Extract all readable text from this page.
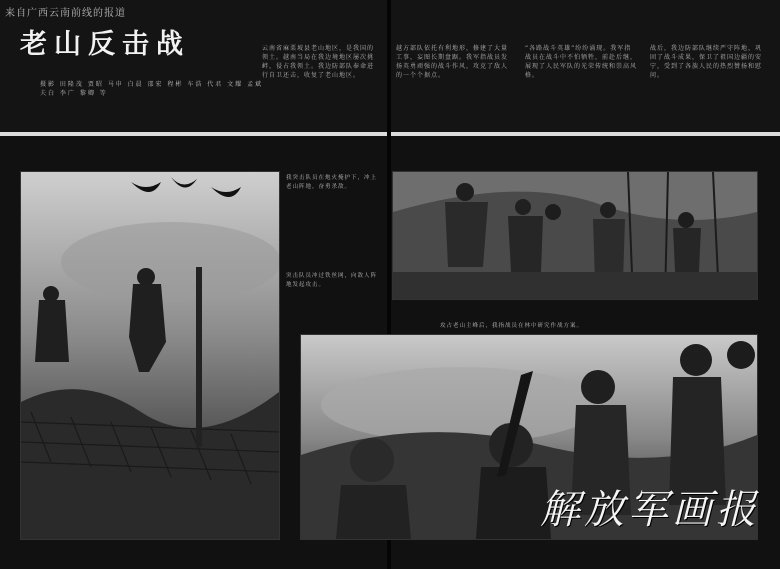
来自广西云南前线的报道
老山反击战
摄影 田隆茂 贾昭 马申 白晨 邵宏 程彬 车浩 代君 文耀 孟斌 夫白 李广 黎卿 等
云南省麻栗坡县老山地区，是我国的领土。越南当局在我边境地区屡次挑衅，侵占我领土。我边防部队奉命进行自卫还击，收复了老山地区。
越方部队依托有利地形，修建了大量工事，妄图长期盘踞。我军指战员发扬英勇顽强的战斗作风，攻克了敌人的一个个据点。
“各路战斗英雄”纷纷涌现。我军指战员在战斗中不怕牺牲，前赴后继，展现了人民军队的光荣传统和崇高风格。
战后，我边防部队继续严守阵地，巩固了战斗成果，保卫了祖国边疆的安宁，受到了各族人民的热烈赞扬和慰问。
我突击队员在炮火掩护下，冲上老山阵地，奋勇杀敌。
突击队员冲过铁丝网，向敌人阵地发起攻击。
攻占老山主峰后，我指战员在林中研究作战方案。
解放军画报
